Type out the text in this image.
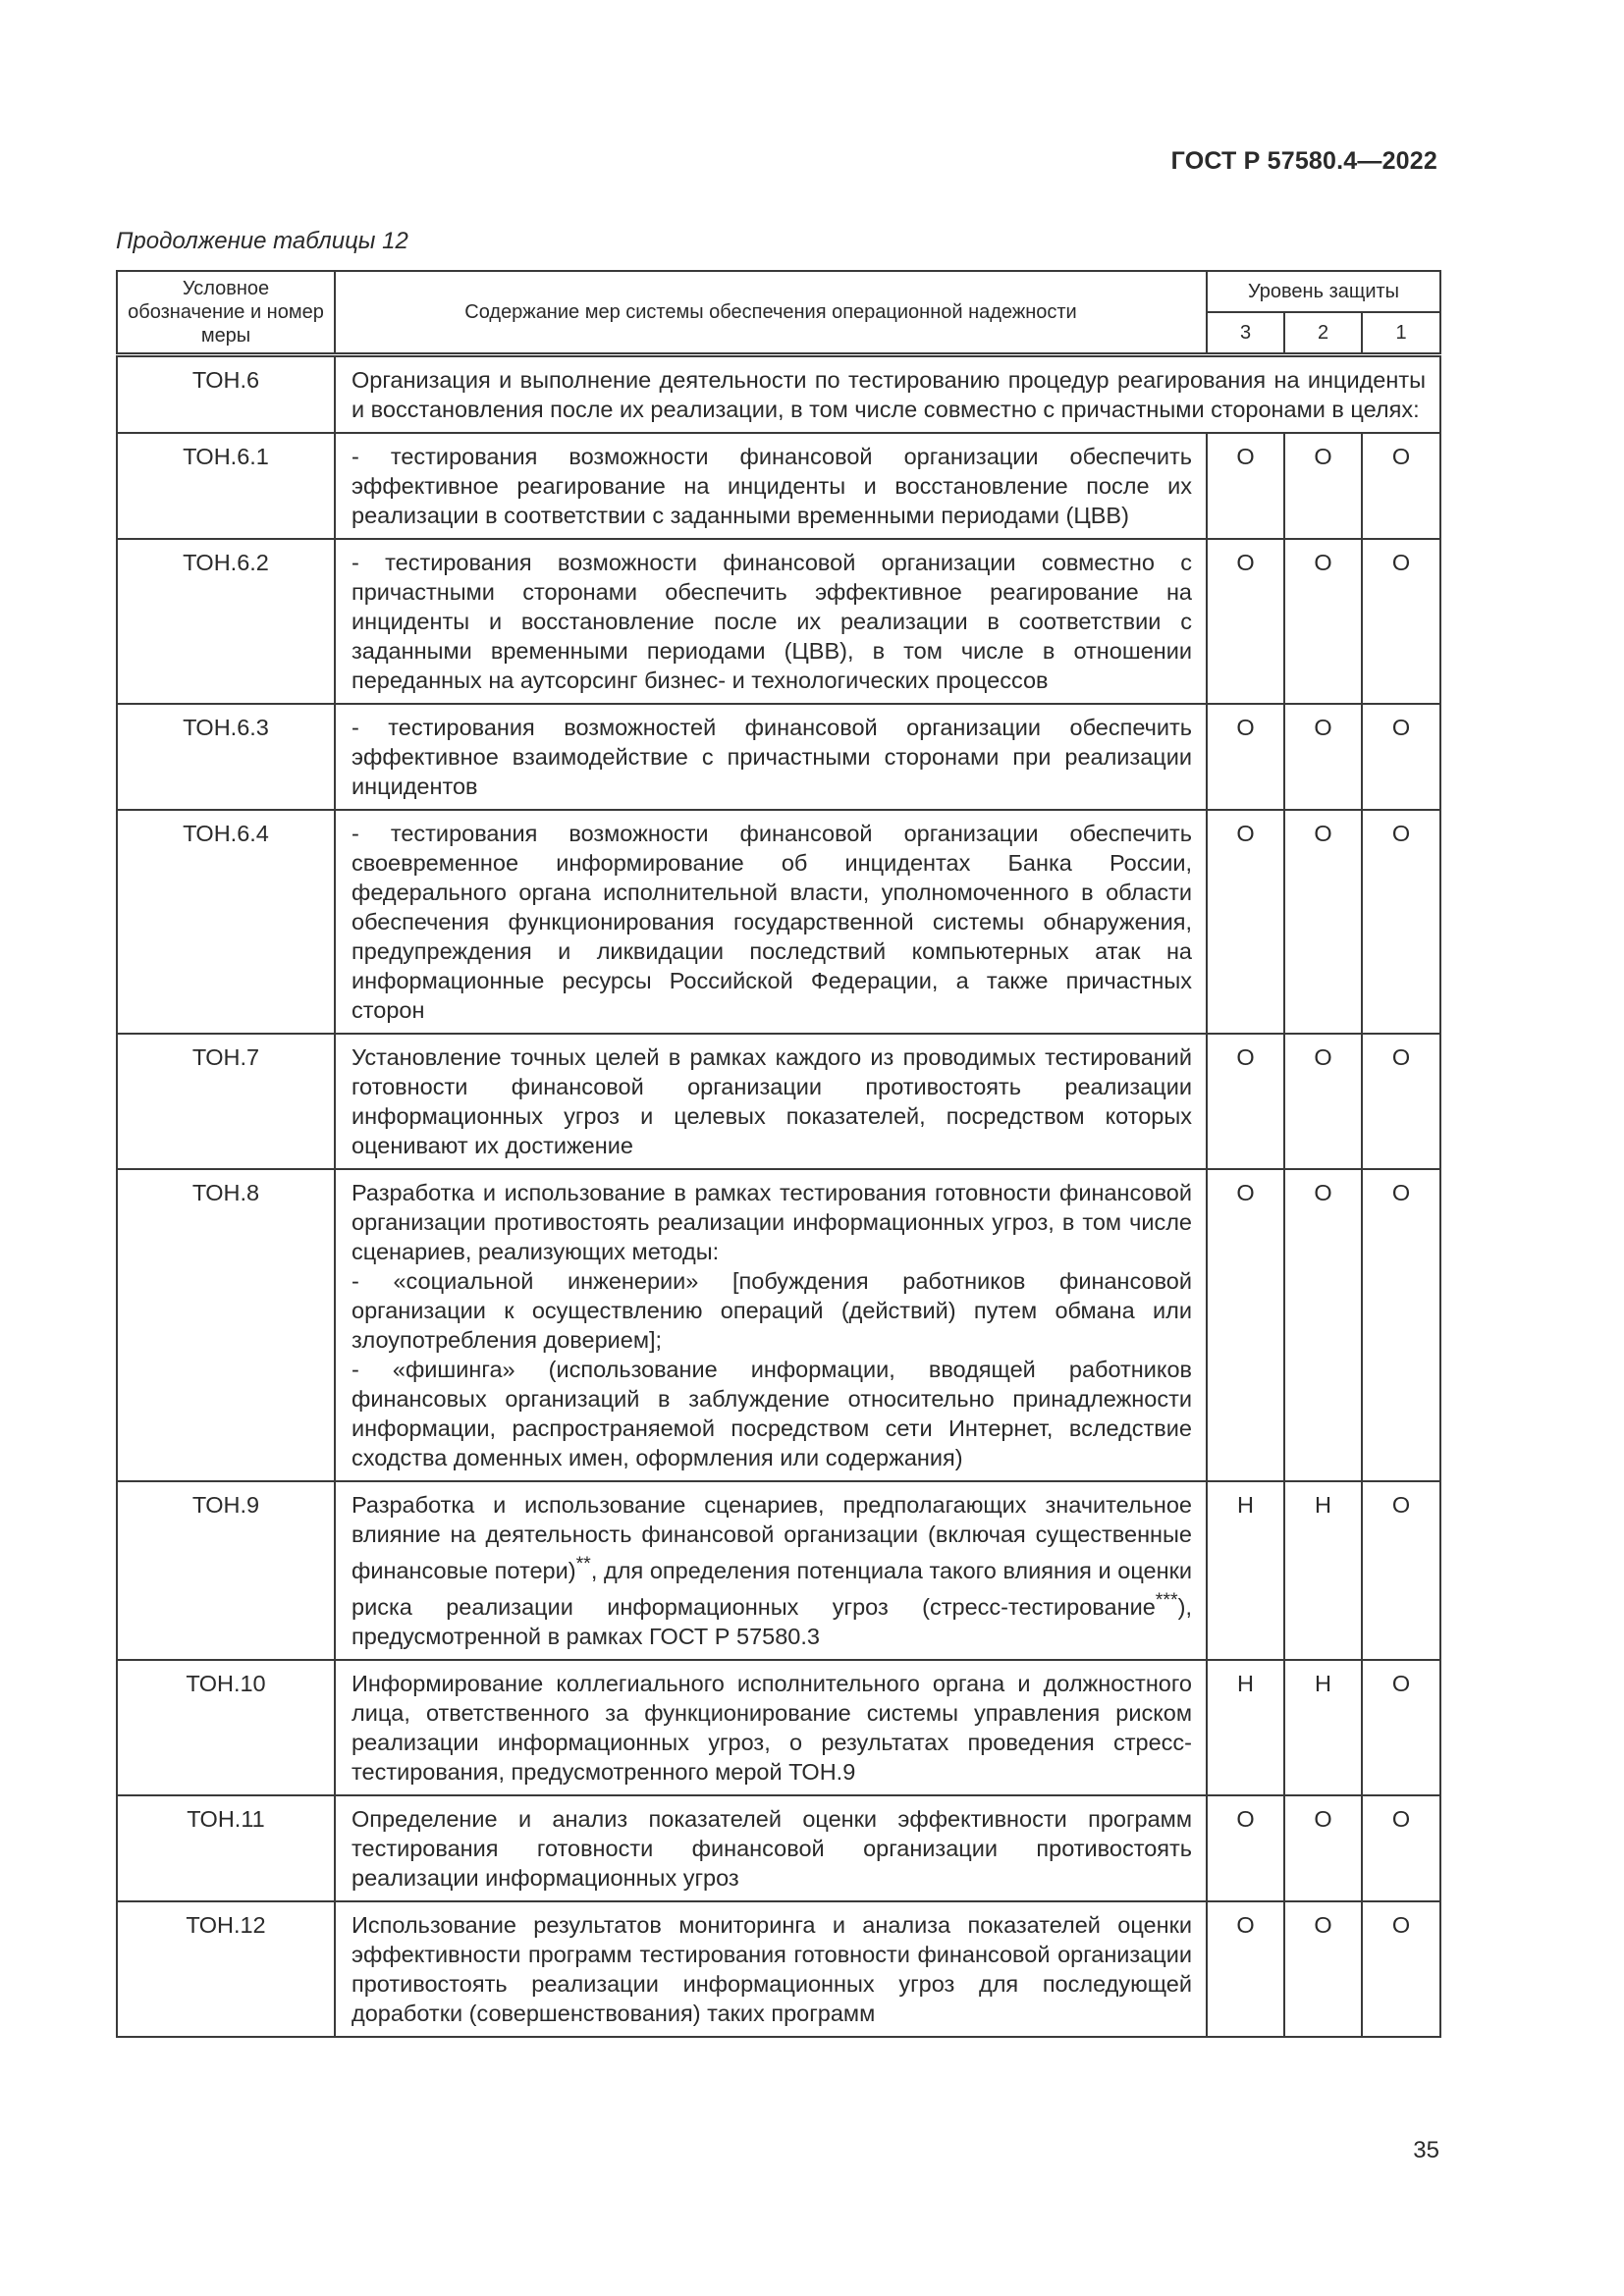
ГОСТ Р 57580.4—2022
Продолжение таблицы 12
Условное обозначение и номер меры	Содержание мер системы обеспечения операционной надежности	Уровень защиты		
		3	2	1
ТОН.6	Организация и выполнение деятельности по тестированию процедур реагирования на инциденты и восстановления после их реализации, в том числе совместно с причастными сторонами в целях:			
ТОН.6.1	- тестирования возможности финансовой организации обеспечить эффективное реагирование на инциденты и восстановление после их реализации в соответствии с заданными временными периодами (ЦВВ)	О	О	О
ТОН.6.2	- тестирования возможности финансовой организации совместно с причастными сторонами обеспечить эффективное реагирование на инциденты и восстановление после их реализации в соответствии с заданными временными периодами (ЦВВ), в том числе в отношении переданных на аутсорсинг бизнес- и технологических процессов	О	О	О
ТОН.6.3	- тестирования возможностей финансовой организации обеспечить эффективное взаимодействие с причастными сторонами при реализации инцидентов	О	О	О
ТОН.6.4	- тестирования возможности финансовой организации обеспечить своевременное информирование об инцидентах Банка России, федерального органа исполнительной власти, уполномоченного в области обеспечения функционирования государственной системы обнаружения, предупреждения и ликвидации последствий компьютерных атак на информационные ресурсы Российской Федерации, а также причастных сторон	О	О	О
ТОН.7	Установление точных целей в рамках каждого из проводимых тестирований готовности финансовой организации противостоять реализации информационных угроз и целевых показателей, посредством которых оценивают их достижение	О	О	О
ТОН.8	Разработка и использование в рамках тестирования готовности финансовой организации противостоять реализации информационных угроз, в том числе сценариев, реализующих методы:
- «социальной инженерии» [побуждения работников финансовой организации к осуществлению операций (действий) путем обмана или злоупотребления доверием];
- «фишинга» (использование информации, вводящей работников финансовых организаций в заблуждение относительно принадлежности информации, распространяемой посредством сети Интернет, вследствие сходства доменных имен, оформления или содержания)	О	О	О
ТОН.9	Разработка и использование сценариев, предполагающих значительное влияние на деятельность финансовой организации (включая существенные финансовые потери)**, для определения потенциала такого влияния и оценки риска реализации информационных угроз (стресс-тестирование***), предусмотренной в рамках ГОСТ Р 57580.3	Н	Н	О
ТОН.10	Информирование коллегиального исполнительного органа и должностного лица, ответственного за функционирование системы управления риском реализации информационных угроз, о результатах проведения стресс-тестирования, предусмотренного мерой ТОН.9	Н	Н	О
ТОН.11	Определение и анализ показателей оценки эффективности программ тестирования готовности финансовой организации противостоять реализации информационных угроз	О	О	О
ТОН.12	Использование результатов мониторинга и анализа показателей оценки эффективности программ тестирования готовности финансовой организации противостоять реализации информационных угроз для последующей доработки (совершенствования) таких программ	О	О	О
35
